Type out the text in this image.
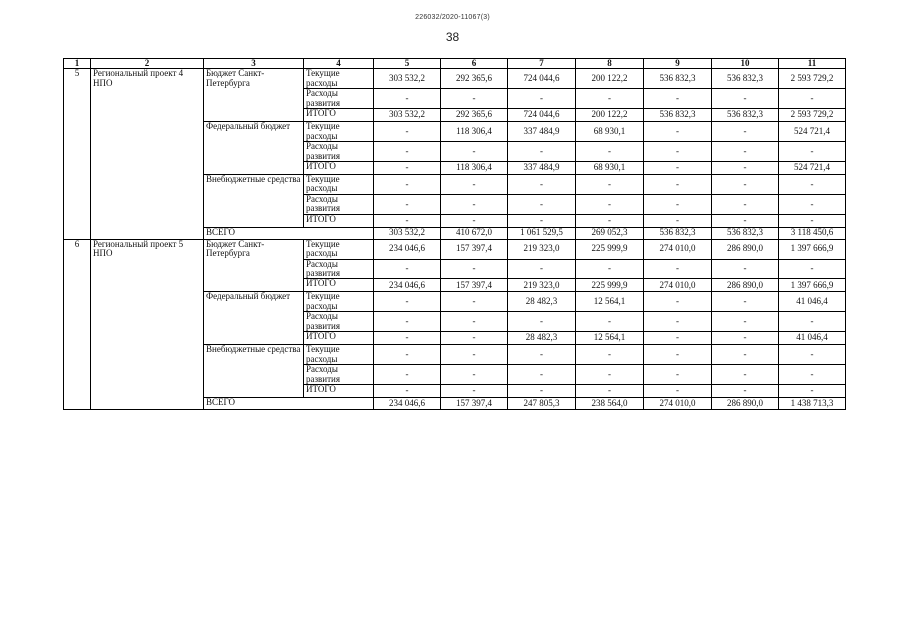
226032/2020-11067(3)
38
1	2	3	4	5	6	7	8	9	10	11
5	Региональный проект 4 НПО	Бюджет Санкт-Петербурга	Текущие расходы	303 532,2	292 365,6	724 044,6	200 122,2	536 832,3	536 832,3	2 593 729,2
			Расходы развития	-	-	-	-	-	-	-
			ИТОГО	303 532,2	292 365,6	724 044,6	200 122,2	536 832,3	536 832,3	2 593 729,2
		Федеральный бюджет	Текущие расходы	-	118 306,4	337 484,9	68 930,1	-	-	524 721,4
			Расходы развития	-	-	-	-	-	-	-
			ИТОГО	-	118 306,4	337 484,9	68 930,1	-	-	524 721,4
		Внебюджетные средства	Текущие расходы	-	-	-	-	-	-	-
			Расходы развития	-	-	-	-	-	-	-
			ИТОГО	-	-	-	-	-	-	-
		ВСЕГО		303 532,2	410 672,0	1 061 529,5	269 052,3	536 832,3	536 832,3	3 118 450,6
6	Региональный проект 5 НПО	Бюджет Санкт-Петербурга	Текущие расходы	234 046,6	157 397,4	219 323,0	225 999,9	274 010,0	286 890,0	1 397 666,9
			Расходы развития	-	-	-	-	-	-	-
			ИТОГО	234 046,6	157 397,4	219 323,0	225 999,9	274 010,0	286 890,0	1 397 666,9
		Федеральный бюджет	Текущие расходы	-	-	28 482,3	12 564,1	-	-	41 046,4
			Расходы развития	-	-	-	-	-	-	-
			ИТОГО	-	-	28 482,3	12 564,1	-	-	41 046,4
		Внебюджетные средства	Текущие расходы	-	-	-	-	-	-	-
			Расходы развития	-	-	-	-	-	-	-
			ИТОГО	-	-	-	-	-	-	-
		ВСЕГО		234 046,6	157 397,4	247 805,3	238 564,0	274 010,0	286 890,0	1 438 713,3
